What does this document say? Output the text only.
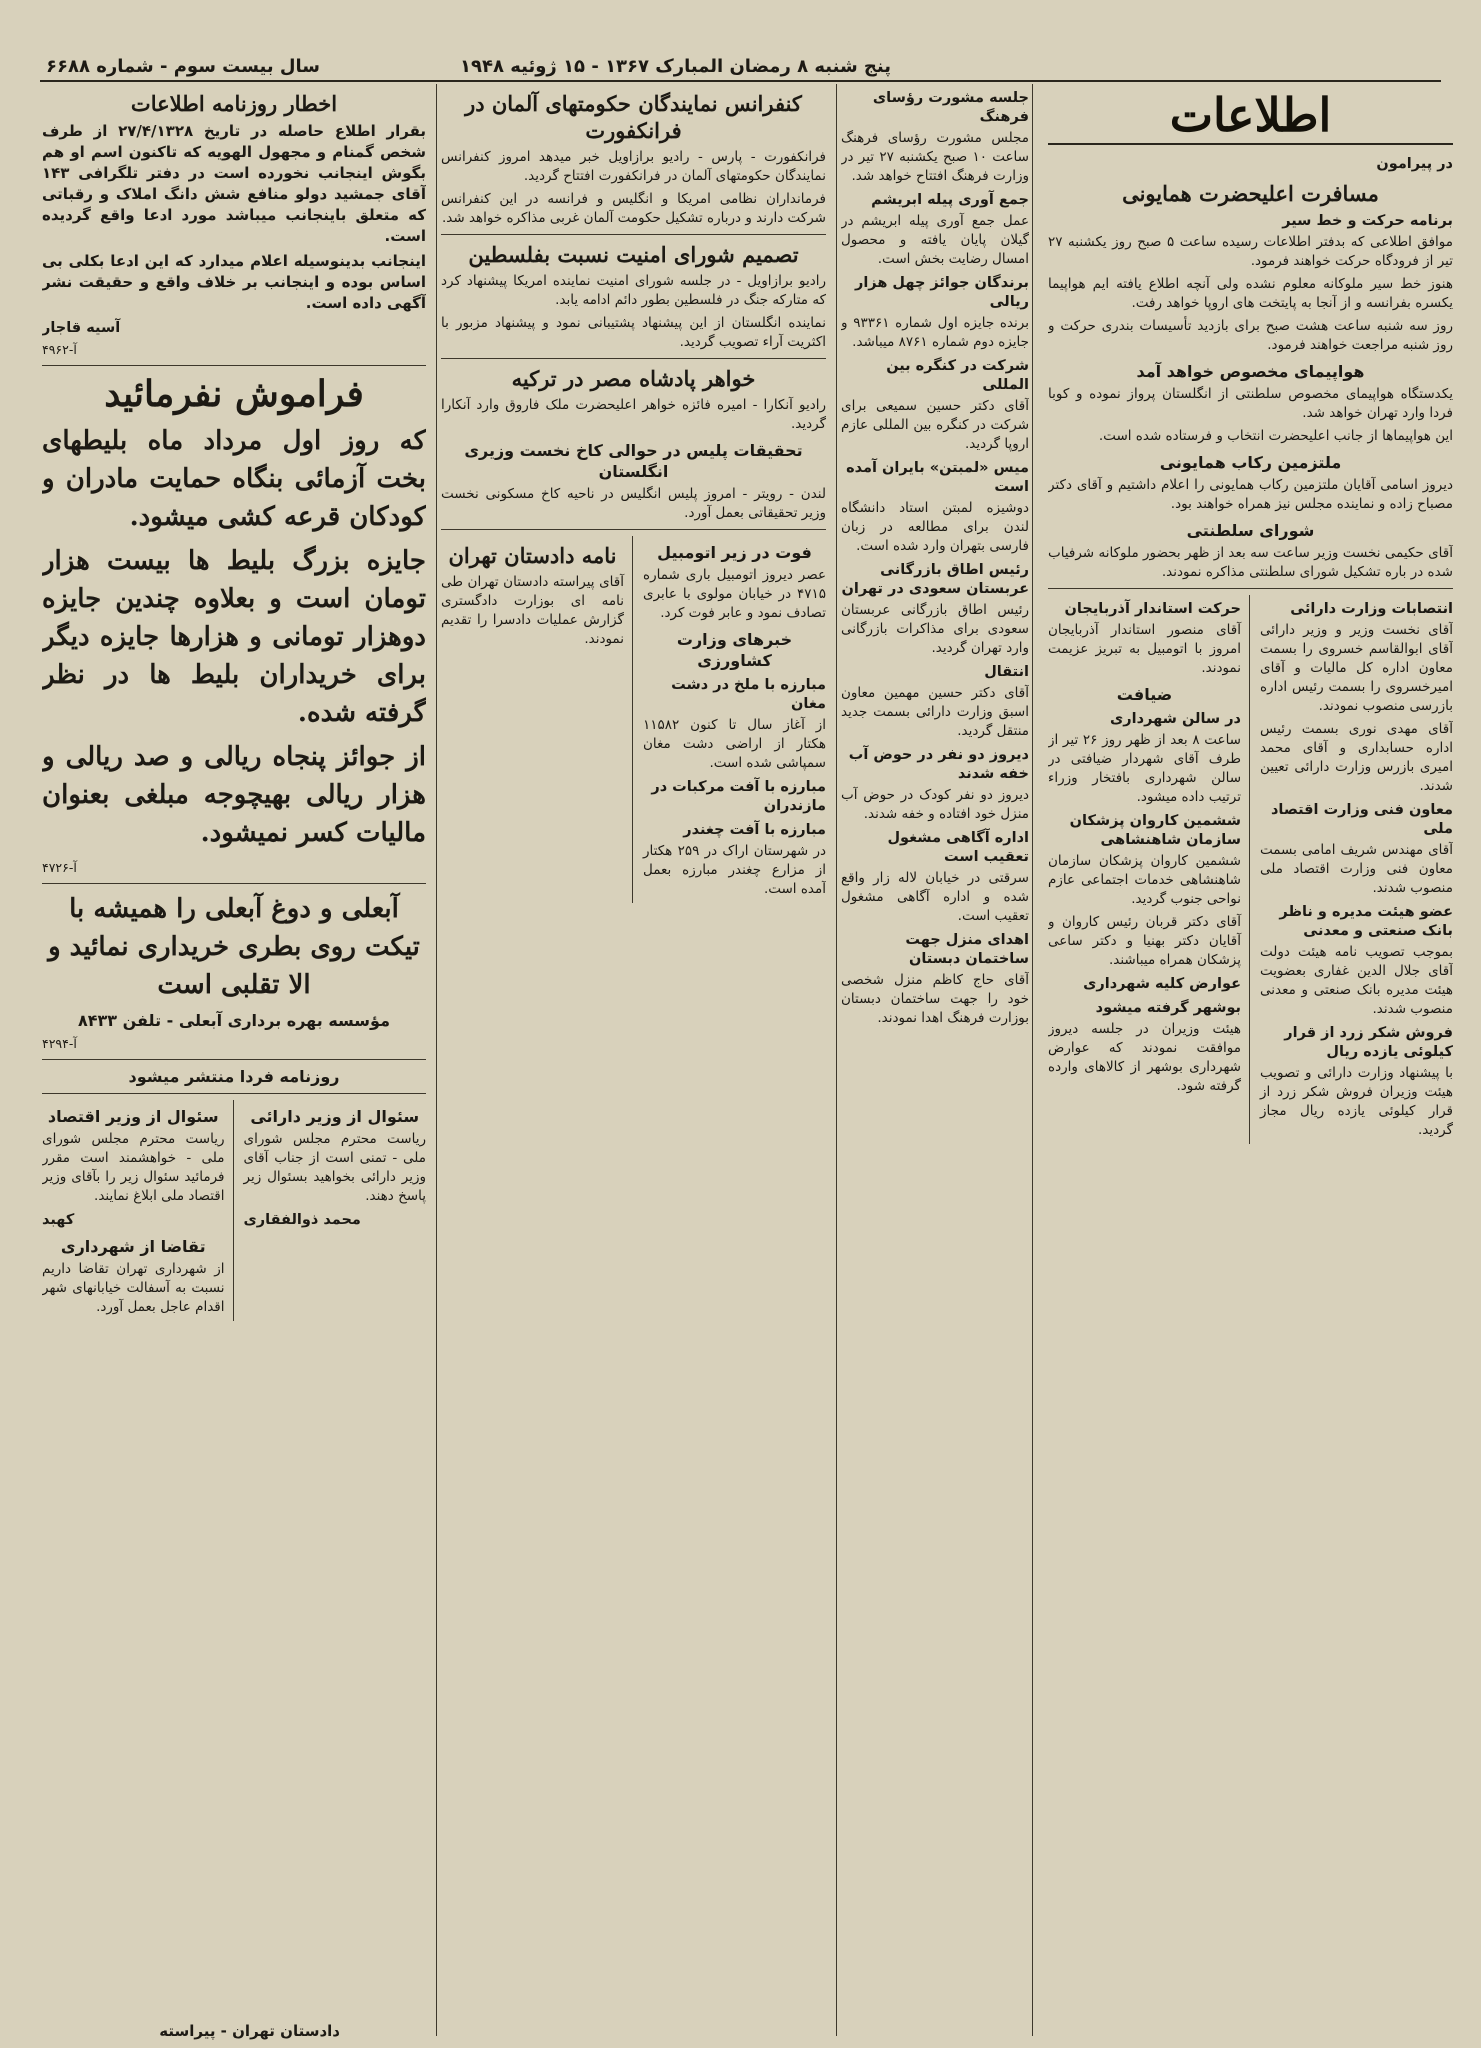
پنج شنبه ۸ رمضان المبارک ۱۳۶۷ - ۱۵ ژوئیه ۱۹۴۸
سال بیست سوم - شماره ۶۶۸۸
اطلاعات
در پیرامون
مسافرت اعلیحضرت همایونی
برنامه حرکت و خط سیر

موافق اطلاعی که بدفتر اطلاعات رسیده ساعت ۵ صبح روز یکشنبه ۲۷ تیر از فرودگاه حرکت خواهند فرمود.

هنوز خط سیر ملوکانه معلوم نشده ولی آنچه اطلاع یافته ایم هواپیما یکسره بفرانسه و از آنجا به پایتخت های اروپا خواهد رفت.

روز سه شنبه ساعت هشت صبح برای بازدید تأسیسات بندری حرکت و روز شنبه مراجعت خواهند فرمود.

هواپیمای مخصوص خواهد آمد

یکدستگاه هواپیمای مخصوص سلطنتی از انگلستان پرواز نموده و کوبا فردا وارد تهران خواهد شد.

این هواپیماها از جانب اعلیحضرت انتخاب و فرستاده شده است.

ملتزمین رکاب همایونی

دیروز اسامی آقایان ملتزمین رکاب همایونی را اعلام داشتیم و آقای دکتر مصباح زاده و نماینده مجلس نیز همراه خواهند بود.

شورای سلطنتی

آقای حکیمی نخست وزیر ساعت سه بعد از ظهر بحضور ملوکانه شرفیاب شده در باره تشکیل شورای سلطنتی مذاکره نمودند.

انتصابات وزارت دارائی

آقای نخست وزیر و وزیر دارائی آقای ابوالقاسم خسروی را بسمت معاون اداره کل مالیات و آقای امیرخسروی را بسمت رئیس اداره بازرسی منصوب نمودند.

آقای مهدی نوری بسمت رئیس اداره حسابداری و آقای محمد امیری بازرس وزارت دارائی تعیین شدند.

معاون فنی وزارت اقتصاد ملی

آقای مهندس شریف امامی بسمت معاون فنی وزارت اقتصاد ملی منصوب شدند.

عضو هیئت مدیره و ناظر بانک صنعتی و معدنی

بموجب تصویب نامه هیئت دولت آقای جلال الدین غفاری بعضویت هیئت مدیره بانک صنعتی و معدنی منصوب شدند.

فروش شکر زرد از قرار کیلوئی یازده ریال

با پیشنهاد وزارت دارائی و تصویب هیئت وزیران فروش شکر زرد از قرار کیلوئی یازده ریال مجاز گردید.

حرکت استاندار آذربایجان

آقای منصور استاندار آذربایجان امروز با اتومبیل به تبریز عزیمت نمودند.

ضیافت
در سالن شهرداری

ساعت ۸ بعد از ظهر روز ۲۶ تیر از طرف آقای شهردار ضیافتی در سالن شهرداری بافتخار وزراء ترتیب داده میشود.

ششمین کاروان پزشکان سازمان شاهنشاهی

ششمین کاروان پزشکان سازمان شاهنشاهی خدمات اجتماعی عازم نواحی جنوب گردید.

آقای دکتر قربان رئیس کاروان و آقایان دکتر بهنیا و دکتر ساعی پزشکان همراه میباشند.

عوارض کلیه شهرداری
بوشهر گرفته میشود

هیئت وزیران در جلسه دیروز موافقت نمودند که عوارض شهرداری بوشهر از کالاهای وارده گرفته شود.

جلسه مشورت رؤسای فرهنگ

مجلس مشورت رؤسای فرهنگ ساعت ۱۰ صبح یکشنبه ۲۷ تیر در وزارت فرهنگ افتتاح خواهد شد.

جمع آوری پیله ابریشم

عمل جمع آوری پیله ابریشم در گیلان پایان یافته و محصول امسال رضایت بخش است.

برندگان جوائز چهل هزار ریالی

برنده جایزه اول شماره ۹۳۳۶۱ و جایزه دوم شماره ۸۷۶۱ میباشد.

شرکت در کنگره بین المللی

آقای دکتر حسین سمیعی برای شرکت در کنگره بین المللی عازم اروپا گردید.

میس «لمبتن» بایران آمده است

دوشیزه لمبتن استاد دانشگاه لندن برای مطالعه در زبان فارسی بتهران وارد شده است.

رئیس اطاق بازرگانی عربستان سعودی در تهران

رئیس اطاق بازرگانی عربستان سعودی برای مذاکرات بازرگانی وارد تهران گردید.

انتقال

آقای دکتر حسین مهمین معاون اسبق وزارت دارائی بسمت جدید منتقل گردید.

دیروز دو نفر در حوض آب خفه شدند

دیروز دو نفر کودک در حوض آب منزل خود افتاده و خفه شدند.

اداره آگاهی مشغول تعقیب است

سرقتی در خیابان لاله زار واقع شده و اداره آگاهی مشغول تعقیب است.

اهدای منزل جهت ساختمان دبستان

آقای حاج کاظم منزل شخصی خود را جهت ساختمان دبستان بوزارت فرهنگ اهدا نمودند.

کنفرانس نمایندگان حکومتهای آلمان در فرانکفورت

فرانکفورت - پارس - رادیو برازاویل خبر میدهد امروز کنفرانس نمایندگان حکومتهای آلمان در فرانکفورت افتتاح گردید.

فرمانداران نظامی امریکا و انگلیس و فرانسه در این کنفرانس شرکت دارند و درباره تشکیل حکومت آلمان غربی مذاکره خواهد شد.

تصمیم شورای امنیت نسبت بفلسطین

رادیو برازاویل - در جلسه شورای امنیت نماینده امریکا پیشنهاد کرد که متارکه جنگ در فلسطین بطور دائم ادامه یابد.

نماینده انگلستان از این پیشنهاد پشتیبانی نمود و پیشنهاد مزبور با اکثریت آراء تصویب گردید.

خواهر پادشاه مصر در ترکیه

رادیو آنکارا - امیره فائزه خواهر اعلیحضرت ملک فاروق وارد آنکارا گردید.

تحقیقات پلیس در حوالی کاخ نخست وزیری انگلستان

لندن - رویتر - امروز پلیس انگلیس در ناحیه کاخ مسکونی نخست وزیر تحقیقاتی بعمل آورد.

فوت در زیر اتومبیل

عصر دیروز اتومبیل باری شماره ۴۷۱۵ در خیابان مولوی با عابری تصادف نمود و عابر فوت کرد.

خبرهای وزارت کشاورزی
مبارزه با ملخ در دشت مغان

از آغاز سال تا کنون ۱۱۵۸۲ هکتار از اراضی دشت مغان سمپاشی شده است.

مبارزه با آفت مرکبات در مازندران
مبارزه با آفت چغندر

در شهرستان اراک در ۲۵۹ هکتار از مزارع چغندر مبارزه بعمل آمده است.

نامه دادستان تهران

آقای پیراسته دادستان تهران طی نامه ای بوزارت دادگستری گزارش عملیات دادسرا را تقدیم نمودند.

اخطار روزنامه اطلاعات

بقرار اطلاع حاصله در تاریخ ۲۷/۴/۱۳۲۸ از طرف شخص گمنام و مجهول الهویه که تاکنون اسم او هم بگوش اینجانب نخورده است در دفتر تلگرافی ۱۴۳ آقای جمشید دولو منافع شش دانگ املاک و رقباتی که متعلق باینجانب میباشد مورد ادعا واقع گردیده است.

اینجانب بدینوسیله اعلام میدارد که این ادعا بکلی بی اساس بوده و اینجانب بر خلاف واقع و حقیقت نشر آگهی داده است.

آسیه قاجار
آ-۴۹۶۲
فراموش نفرمائید

که روز اول مرداد ماه بلیطهای بخت آزمائی بنگاه حمایت مادران و کودکان قرعه کشی میشود.

جایزه بزرگ بلیط ها بیست هزار تومان است و بعلاوه چندین جایزه دوهزار تومانی و هزارها جایزه دیگر برای خریداران بلیط ها در نظر گرفته شده.

از جوائز پنجاه ریالی و صد ریالی و هزار ریالی بهیچوجه مبلغی بعنوان مالیات کسر نمیشود.

آ-۴۷۲۶
آبعلی و دوغ آبعلی را همیشه با تیکت روی بطری خریداری نمائید و الا تقلبی است
مؤسسه بهره برداری آبعلی - تلفن ۸۴۳۳
آ-۴۲۹۴
روزنامه فردا منتشر میشود
سئوال از وزیر دارائی

ریاست محترم مجلس شورای ملی - تمنی است از جناب آقای وزیر دارائی بخواهید بسئوال زیر پاسخ دهند.

محمد ذوالفقاری
سئوال از وزیر اقتصاد

ریاست محترم مجلس شورای ملی - خواهشمند است مقرر فرمائید سئوال زیر را بآقای وزیر اقتصاد ملی ابلاغ نمایند.

کهبد
تقاضا از شهرداری

از شهرداری تهران تقاضا داریم نسبت به آسفالت خیابانهای شهر اقدام عاجل بعمل آورد.

دادستان تهران - پیراسته
